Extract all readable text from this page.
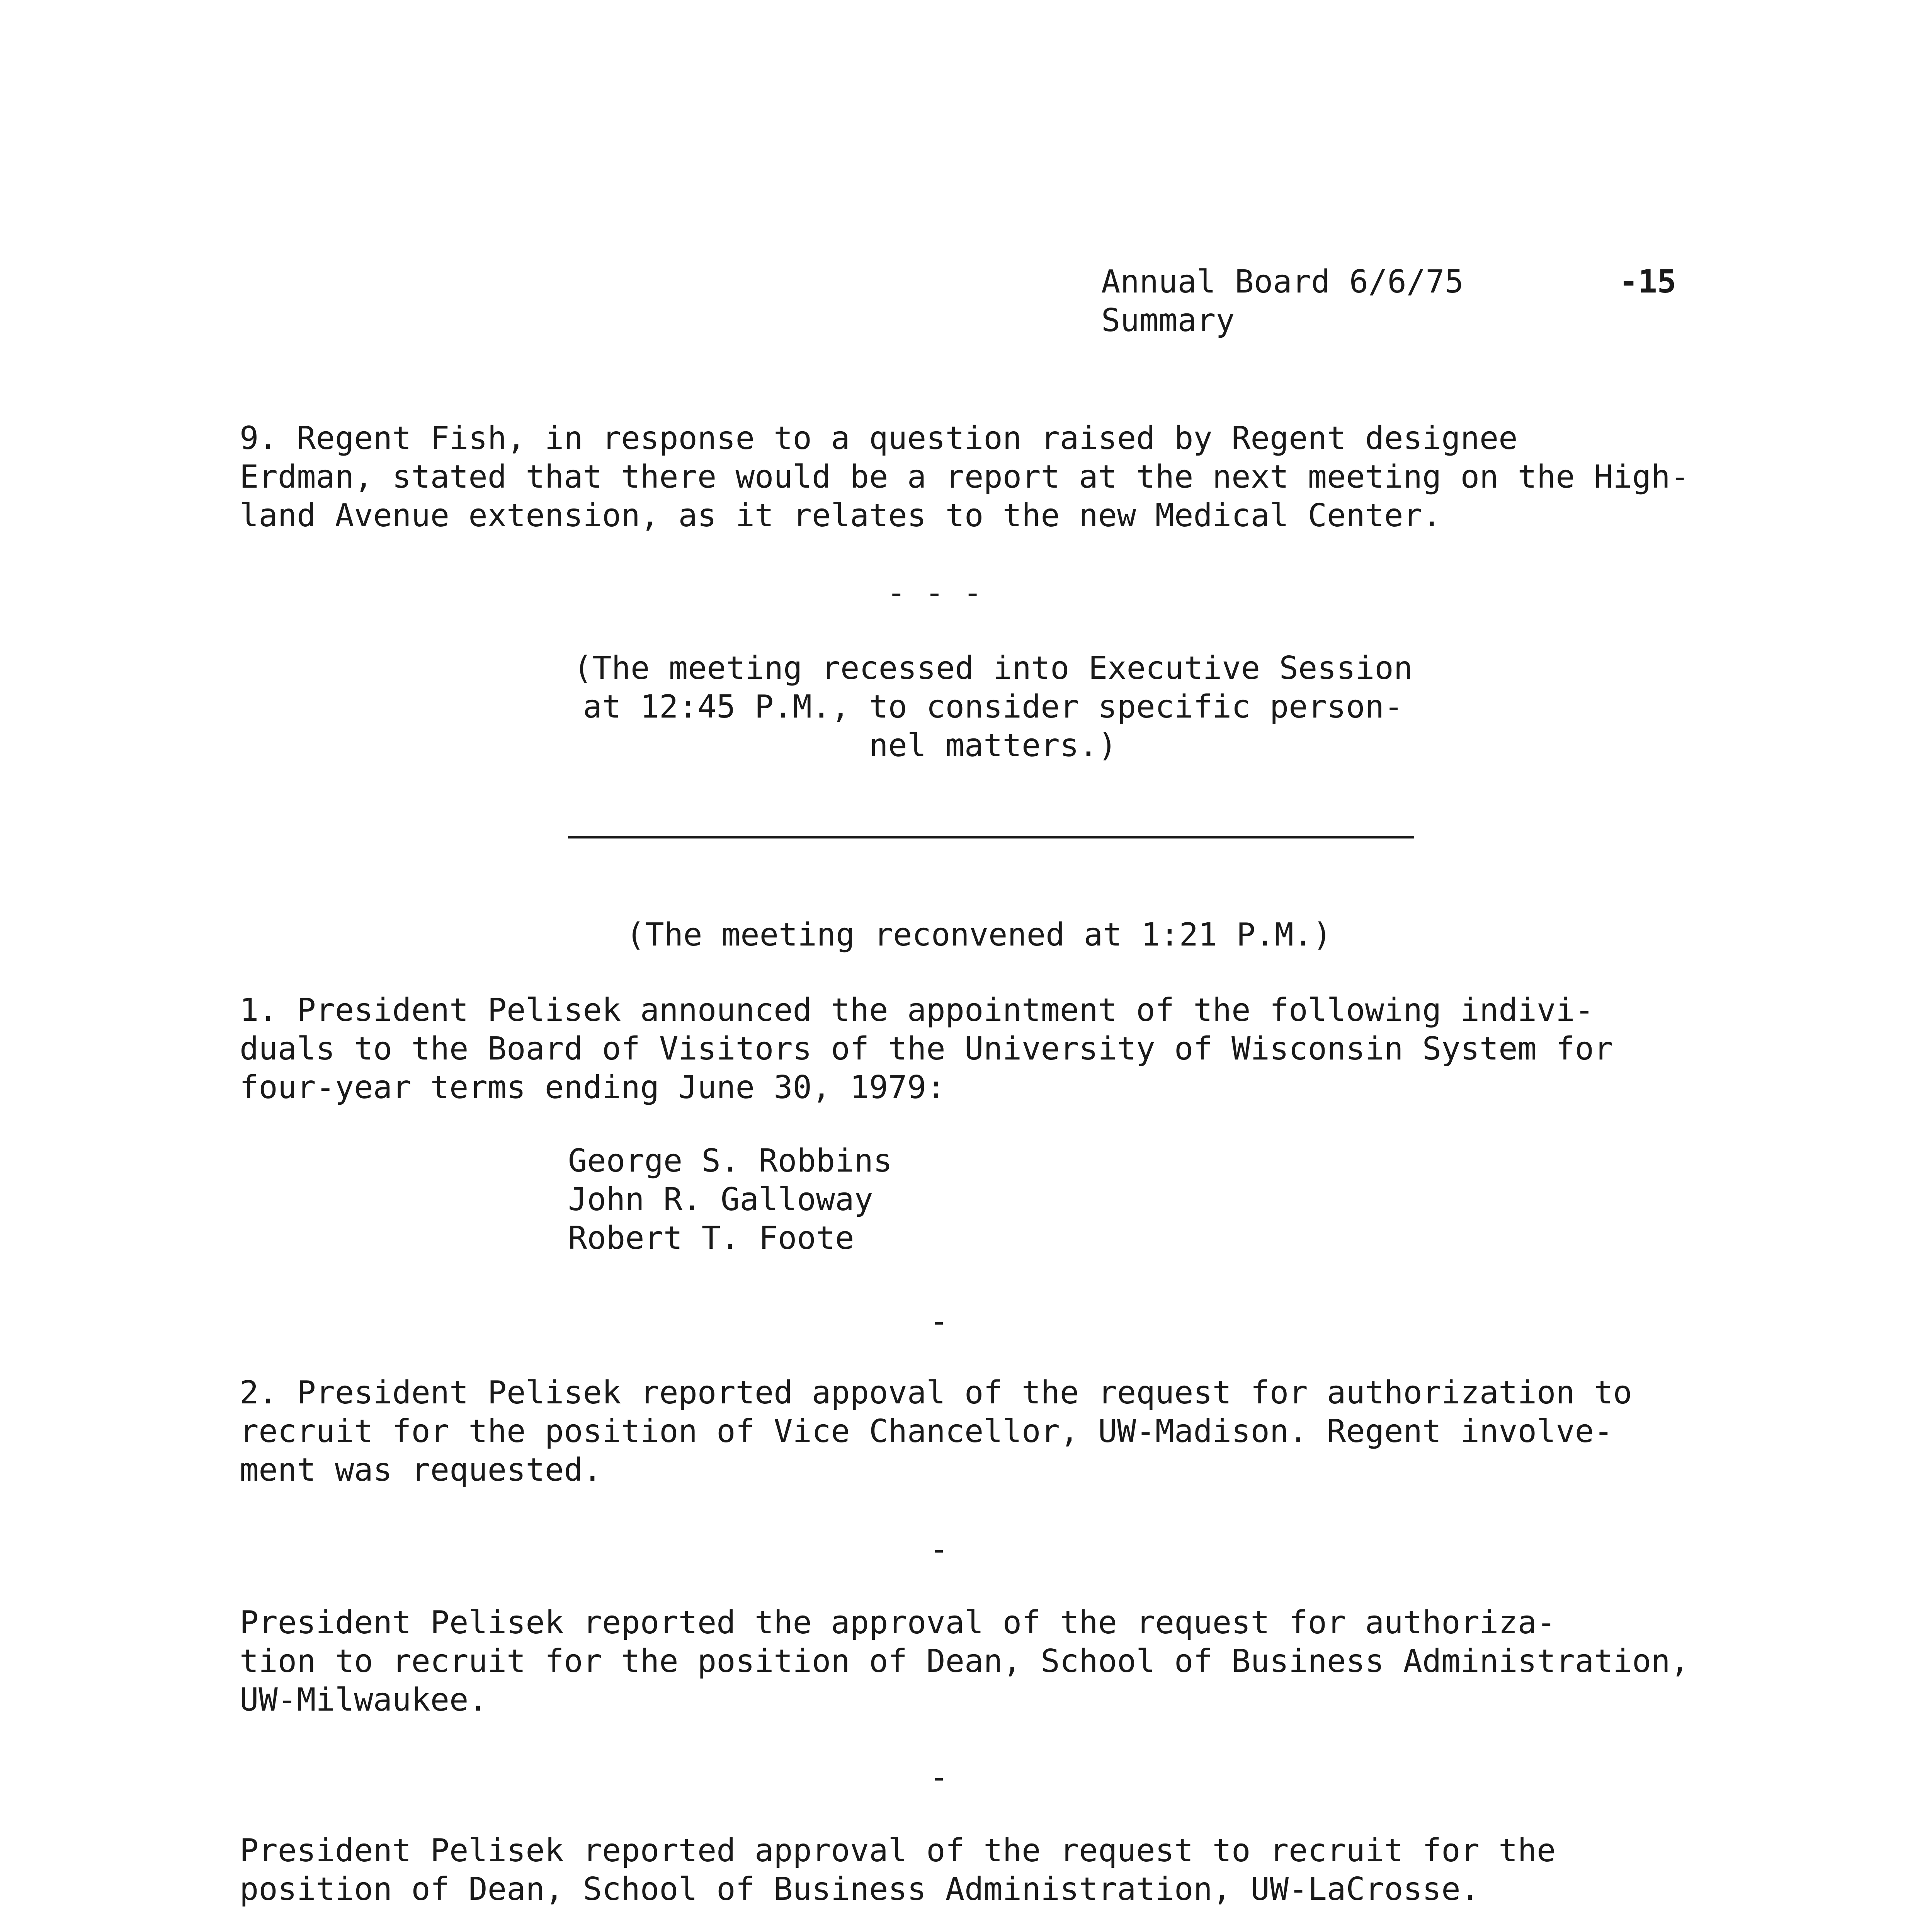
Annual Board 6/6/75
Summary
-15
9. Regent Fish, in response to a question raised by Regent designee
Erdman, stated that there would be a report at the next meeting on the High-
land Avenue extension, as it relates to the new Medical Center.
- - -
(The meeting recessed into Executive Session
at 12:45 P.M., to consider specific person-
nel matters.)
(The meeting reconvened at 1:21 P.M.)
1. President Pelisek announced the appointment of the following indivi-
duals to the Board of Visitors of the University of Wisconsin System for
four-year terms ending June 30, 1979:
George S. Robbins
John R. Galloway
Robert T. Foote
-
2. President Pelisek reported appoval of the request for authorization to
recruit for the position of Vice Chancellor, UW-Madison. Regent involve-
ment was requested.
-
President Pelisek reported the approval of the request for authoriza-
tion to recruit for the position of Dean, School of Business Administration,
UW-Milwaukee.
-
President Pelisek reported approval of the request to recruit for the
position of Dean, School of Business Administration, UW-LaCrosse.
